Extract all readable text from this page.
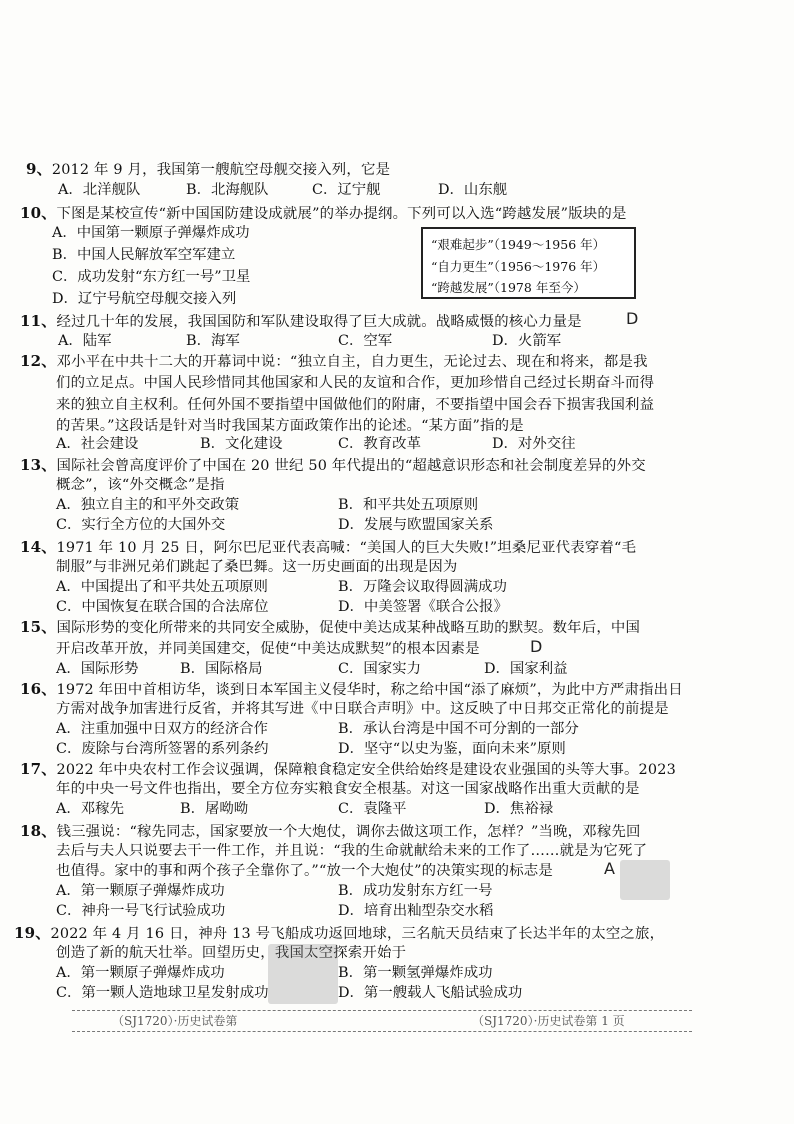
9、2012 年 9 月，我国第一艘航空母舰交接入列，它是
A．北洋舰队	B．北海舰队	C．辽宁舰	D．山东舰
10、下图是某校宣传“新中国国防建设成就展”的举办提纲。下列可以入选“跨越发展”版块的是
A．中国第一颗原子弹爆炸成功
B．中国人民解放军空军建立
C．成功发射“东方红一号”卫星
D．辽宁号航空母舰交接入列
“艰难起步”（1949～1956 年）
“自力更生”（1956～1976 年）
“跨越发展”（1978 年至今）
11、经过几十年的发展，我国国防和军队建设取得了巨大成就。战略威慑的核心力量是	D
A．陆军	B．海军	C．空军	D．火箭军
12、邓小平在中共十二大的开幕词中说：“独立自主，自力更生，无论过去、现在和将来，都是我
们的立足点。中国人民珍惜同其他国家和人民的友谊和合作，更加珍惜自己经过长期奋斗而得
来的独立自主权利。任何外国不要指望中国做他们的附庸，不要指望中国会吞下损害我国利益
的苦果。”这段话是针对当时我国某方面政策作出的论述。“某方面”指的是
A．社会建设	B．文化建设	C．教育改革	D．对外交往
13、国际社会曾高度评价了中国在 20 世纪 50 年代提出的“超越意识形态和社会制度差异的外交
概念”，该“外交概念”是指
A．独立自主的和平外交政策	B．和平共处五项原则
C．实行全方位的大国外交	D．发展与欧盟国家关系
14、1971 年 10 月 25 日，阿尔巴尼亚代表高喊：“美国人的巨大失败!”坦桑尼亚代表穿着“毛
制服”与非洲兄弟们跳起了桑巴舞。这一历史画面的出现是因为
A．中国提出了和平共处五项原则	B．万隆会议取得圆满成功
C．中国恢复在联合国的合法席位	D．中美签署《联合公报》
15、国际形势的变化所带来的共同安全威胁，促使中美达成某种战略互助的默契。数年后，中国
开启改革开放，并同美国建交，促使“中美达成默契”的根本因素是	D
A．国际形势	B．国际格局	C．国家实力	D．国家利益
16、1972 年田中首相访华，谈到日本军国主义侵华时，称之给中国“添了麻烦”，为此中方严肃指出日
方需对战争加害进行反省，并将其写进《中日联合声明》中。这反映了中日邦交正常化的前提是
A．注重加强中日双方的经济合作	B．承认台湾是中国不可分割的一部分
C．废除与台湾所签署的系列条约	D．坚守“以史为鉴，面向未来”原则
17、2022 年中央农村工作会议强调，保障粮食稳定安全供给始终是建设农业强国的头等大事。2023
年的中央一号文件也指出，要全方位夯实粮食安全根基。对这一国家战略作出重大贡献的是
A．邓稼先	B．屠呦呦	C．袁隆平	D．焦裕禄
18、钱三强说：“稼先同志，国家要放一个大炮仗，调你去做这项工作，怎样？”当晚，邓稼先回
去后与夫人只说要去干一件工作，并且说：“我的生命就献给未来的工作了……就是为它死了
也值得。家中的事和两个孩子全靠你了。”“放一个大炮仗”的决策实现的标志是	A
A．第一颗原子弹爆炸成功	B．成功发射东方红一号
C．神舟一号飞行试验成功	D．培育出籼型杂交水稻
19、2022 年 4 月 16 日，神舟 13 号飞船成功返回地球，三名航天员结束了长达半年的太空之旅，
创造了新的航天壮举。回望历史，我国太空探索开始于
A．第一颗原子弹爆炸成功	B．第一颗氢弹爆炸成功
C．第一颗人造地球卫星发射成功	D．第一艘载人飞船试验成功
（SJ1720）·历史试卷第	（SJ1720）·历史试卷第 1 页
